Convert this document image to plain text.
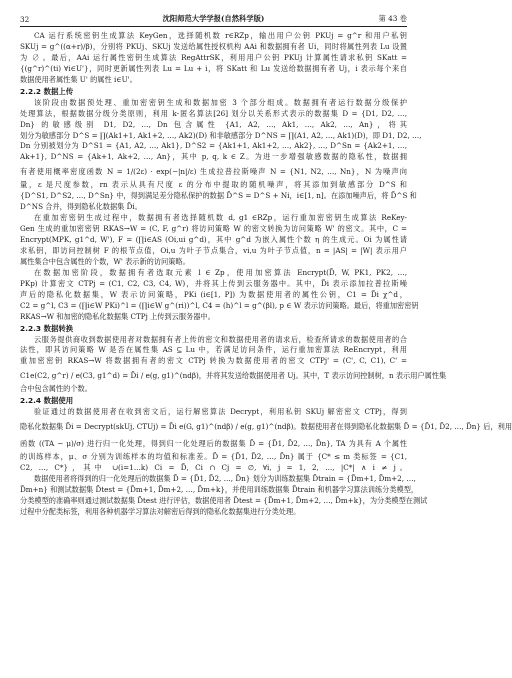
32	沈阳师范大学学报(自然科学版)	第 43 卷
CA 运行系统密钥生成算法 KeyGen，选择随机数 r∈RZp，输出用户公钥 PKUj = g^r 和用户私钥
SKUj = g^((α+r)/β)，分别将 PKUj、SKUj 发送给属性授权机构 AAi 和数据拥有者 Ui，同时将属性列表 Lu 设置
为 ∅ 。最后，AAi 运行属性密钥生成算法 RegAttrSK，利用用户公钥 PKUj 计算属性请求私钥 SKatt =
{(g^r)^(ti) ∀i∈U'}，同时更新属性列表 Lu = Lu + i，将 SKatt 和 Lu 发送给数据拥有者 Uj，i 表示每个来自
数据使用者属性集 U' 的属性 i∈U'。
2.2.2 数据上传
该阶段由数据预处理、重加密密钥生成和数据加密 3 个部分组成。数据拥有者运行数据分级保护
处理算法，根据数据分级分类原则，利用 k-匿名算法[26] 划分以关系形式表示的数据集 D = {D1, D2, …,
Dn} 的敏感级别 D1, D2, …, Dn 包含属性 {A1, A2, …, Ak1, …, Ak2, …, An}，将其
划分为敏感部分 D^S = ∏(Ak1+1, Ak1+2, …, Ak2)(D) 和非敏感部分 D^NS = ∏(A1, A2, …, Ak1)(D)，即 D1, D2, …,
Dn 分别被划分为 D^S1 = {A1, A2, …, Ak1}, D^S2 = {Ak1+1, Ak1+2, …, Ak2}, …, D^Sn = {Ak2+1, …,
Ak+1}, D^NS = {Ak+1, Ak+2, …, An}，其中 p, q, k ∈ Z。为进一步增强敏感数据的隐私性，数据拥
有者使用概率密度函数 N = 1/(2ε) · exp(−|n|/ε) 生成拉普拉斯噪声 N = {N1, N2, …, Nn}，N 为噪声向
量，ε 是尺度参数，rn 表示从具有尺度 ε 的分布中提取的随机噪声，将其添加到敏感部分 D^S 和
{D^S1, D^S2, …, D^Sn} 中，得到满足差分隐私保护的数据 D̃^S = D^S + Ni，i∈[1, n]。在添加噪声后，将 D̃^S 和
D^NS 合并，得到隐私化数据集 D̃i。
在重加密密钥生成过程中，数据拥有者选择随机数 d, g1 ∈RZp，运行重加密密钥生成算法 ReKey-
Gen 生成的重加密密钥 RKAS→W = (C, F, g^r) 将访问策略 W 的密文转换为访问策略 W' 的密文。其中，C =
Encrypt(MPK, g1^d, W'), F = (∏i∈AS (Oi,ui g^d)，其中 g^d 为嵌入属性个数 η 的生成元。Oi 为属性请
求私钥，即访问控制树 F 的根节点值，Oi,u 为叶子节点集合，vi,u 为叶子节点值，n = |AS| = |W| 表示用户
属性集合中包含属性的个数，W' 表示新的访问策略。
在数据加密阶段，数据拥有者选取元素 l ∈ Zp，使用加密算法 Encrypt(D̃, W, PK1, PK2, …,
PKp) 计算密文 CTPj = (C1, C2, C3, C4, W)，并将其上传到云服务器中。其中，D̃i 表示添加拉普拉斯噪
声后的隐私化数据集，W 表示访问策略，PKi (i∈[1, P]) 为数据使用者的属性公钥，C1 = D̃i χ^d，
C2 = g^l, C3 = (∏i∈W PKi)^l = (∏i∈W g^(ri))^l, C4 = (h)^l = g^(βl), p ∈ W 表示访问策略。最后，将重加密密钥
RKAS→W 和加密的隐私化数据集 CTPj 上传到云服务器中。
2.2.3 数据转换
云服务提供商收到数据使用者对数据拥有者上传的密文和数据使用者的请求后，检查所请求的数据使用者的合
法性，即其访问策略 W 是否在属性集 AS ⊆ Lu 中，若满足访问条件，运行重加密算法 ReEncrypt，利用
重加密密钥 RKAS→W 将数据拥有者的密文 CTPj 转换为数据使用者的密文 CTPj' = (C', C, C1), C' =
C1e(C2, g^r) / e(C3, g1^d) = D̃i / e(g, g1)^(ndβ)，并将其发送给数据使用者 Uj。其中，T 表示访问控制树，n 表示用户属性集
合中包含属性的个数。
2.2.4 数据使用
验证通过的数据使用者在收到密文后，运行解密算法 Decrypt，利用私钥 SKUj 解密密文 CTPj，得到
隐私化数据集 D̃i = Decrypt(skUj, CTUj) = D̃i e(G, g1)^(ndβ) / e(g, g1)^(ndβ)。数据使用者在得到隐私化数据集 D̃ = {D̃1, D̃2, …, D̃n} 后，利用
函数 ((TA − μ)/σ) 进行归一化处理，得到归一化处理后的数据集 D̃ = {D̃1, D̃2, …, D̃n}, TA 为具有 A 个属性
的训练样本，μ、σ 分别为训练样本的均值和标准差。D̃ = {D̃1, D̃2, …, D̃n} 属于 {C* ≤ m 类标签 = {C1,
C2, …, C*}，其中 ∪(i=1…k) Ci = D̃, Ci ∩ Cj = ∅, ∀i, j = 1, 2, …, |C*| ∧ i ≠ j。
数据使用者将得到的归一化处理后的数据集 D̃ = {D̃1, D̃2, …, D̃n} 划分为训练数据集 D̃train = {D̃m+1, D̃m+2, …,
D̃m+n} 和测试数据集 D̃test = {D̃m+1, D̃m+2, …, D̃m+k}，并使用训练数据集 D̃train 和机器学习算法训练分类模型，
分类模型的准确率则通过测试数据集 D̃test 进行评估，数据使用者 D̃test = {D̃m+1, D̃m+2, …, D̃m+k}，为分类模型在测试
过程中分配类标签，利用各种机器学习算法对解密后得到的隐私化数据集进行分类处理。
